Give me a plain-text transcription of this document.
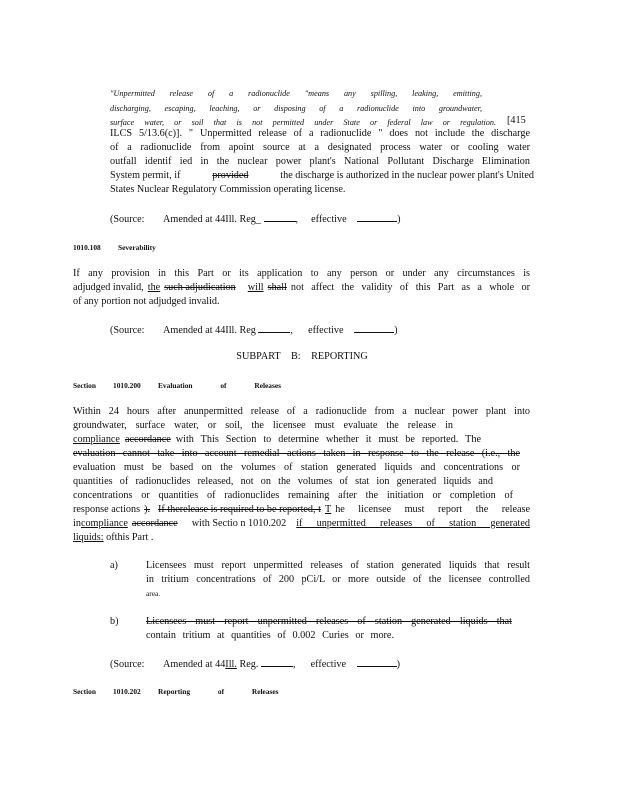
"Unpermitted release of a radionuclide "means any spilling, leaking, emitting,
discharging, escaping, leaching, or disposing of a radionuclide into groundwater,
surface water, or soil that is not permitted under State or federal law or regulation. [415
ILCS 5/13.6(c)]. " Unpermitted release of a radionuclide " does not include the discharge
of a radionuclide from apoint source at a designated process water or cooling water
outfall identif ied in the nuclear power plant's National Pollutant Discharge Elimination
System permit, if	provided	the discharge is authorized in the nuclear power plant's United
States Nuclear Regulatory Commission operating license.
(Source: Amended at 44Ill. Reg_	,  effective	)
1010.108 Severability
If any provision in this Part or its application to any person or under any circumstances is
adjudged invalid, the such adjudication will shall not affect the validity of this Part as a whole or
of any portion not adjudged invalid.
(Source: Amended at 44Ill. Reg	,  effective	)
SUBPART B: REPORTING
Section 1010.200 Evaluation of Releases
Within 24 hours after anunpermitted release of a radionuclide from a nuclear power plant into
groundwater, surface water, or soil, the licensee must evaluate the release in
compliance accordance with This Section to determine whether it must be reported. The
evaluation cannot take into account remedial actions taken in response to the release (i.e., the
evaluation must be based on the volumes of station generated liquids and concentrations or
quantities of radionuclides released, not on the volumes of stat ion generated liquids and
concentrations or quantities of radionuclides remaining after the initiation or completion of
response actions ). If therelease is required to be reported, t T he licensee must report the release
in compliance accordance with Sectio n 1010.202 if unpermitted releases of station generated
liquids: ofthis Part .
a)	Licensees must report unpermitted releases of station generated liquids that result
in tritium concentrations of 200 pCi/L or more outside of the licensee controlled
area.
b)	Licensees must report unpermitted releases of station generated liquids that
contain tritium at quantities of 0.002 Curies or more.
(Source: Amended at 44Ill. Reg.	,  effective	)
Section 1010.202 Reporting of Releases
